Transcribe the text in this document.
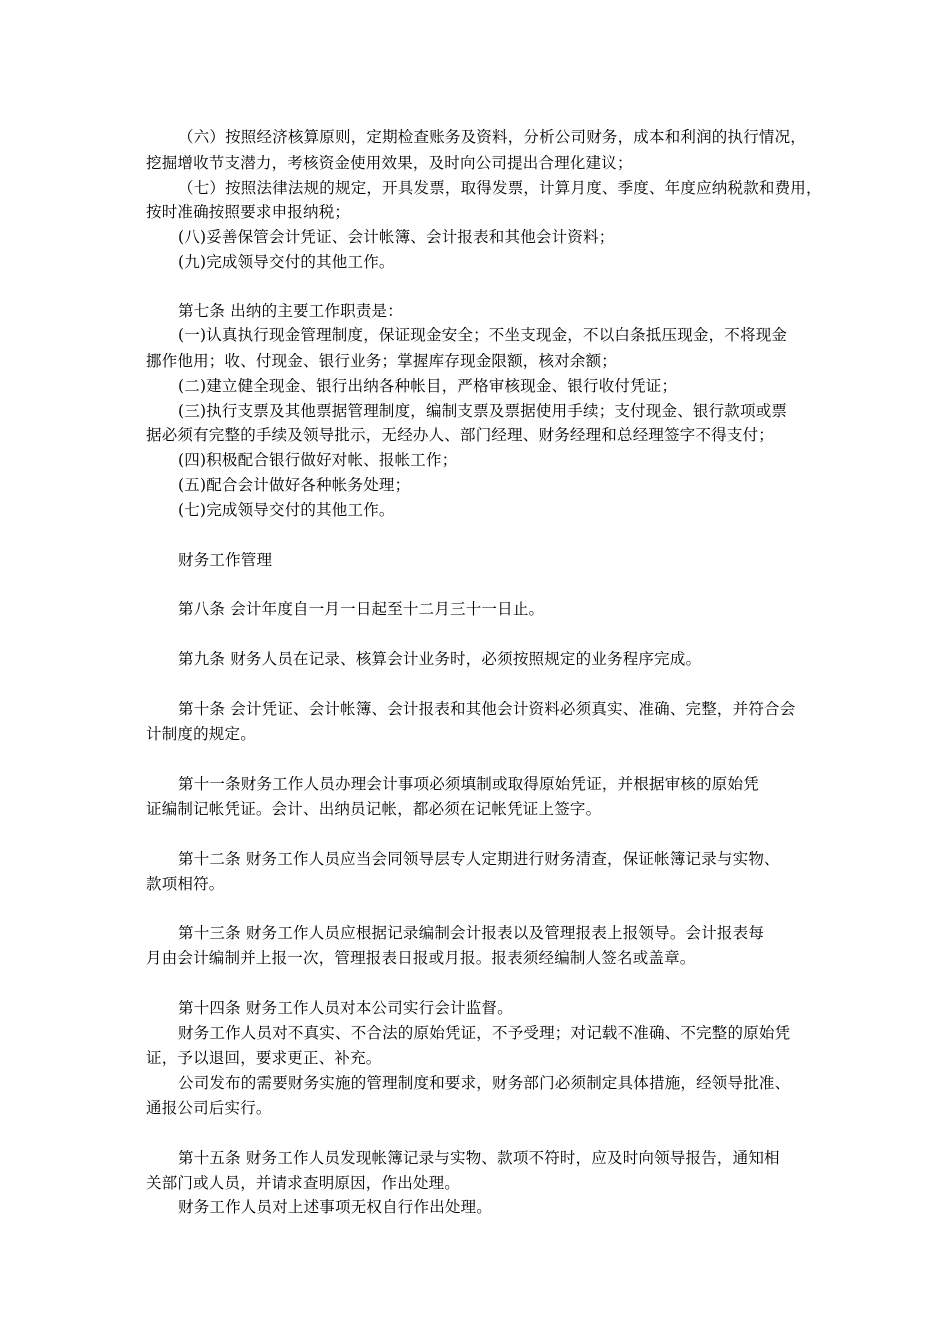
（六）按照经济核算原则，定期检查账务及资料，分析公司财务，成本和利润的执行情况，
挖掘增收节支潜力，考核资金使用效果，及时向公司提出合理化建议；
（七）按照法律法规的规定，开具发票，取得发票，计算月度、季度、年度应纳税款和费用，
按时准确按照要求申报纳税；
(八)妥善保管会计凭证、会计帐簿、会计报表和其他会计资料；
(九)完成领导交付的其他工作。
第七条 出纳的主要工作职责是：
(一)认真执行现金管理制度，保证现金安全；不坐支现金，不以白条抵压现金，不将现金
挪作他用；收、付现金、银行业务；掌握库存现金限额，核对余额；
(二)建立健全现金、银行出纳各种帐目，严格审核现金、银行收付凭证；
(三)执行支票及其他票据管理制度，编制支票及票据使用手续；支付现金、银行款项或票
据必须有完整的手续及领导批示，无经办人、部门经理、财务经理和总经理签字不得支付；
(四)积极配合银行做好对帐、报帐工作；
(五)配合会计做好各种帐务处理；
(七)完成领导交付的其他工作。
财务工作管理
第八条 会计年度自一月一日起至十二月三十一日止。
第九条 财务人员在记录、核算会计业务时，必须按照规定的业务程序完成。
第十条 会计凭证、会计帐簿、会计报表和其他会计资料必须真实、准确、完整，并符合会
计制度的规定。
第十一条财务工作人员办理会计事项必须填制或取得原始凭证，并根据审核的原始凭
证编制记帐凭证。会计、出纳员记帐，都必须在记帐凭证上签字。
第十二条 财务工作人员应当会同领导层专人定期进行财务清查，保证帐簿记录与实物、
款项相符。
第十三条 财务工作人员应根据记录编制会计报表以及管理报表上报领导。会计报表每
月由会计编制并上报一次，管理报表日报或月报。报表须经编制人签名或盖章。
第十四条 财务工作人员对本公司实行会计监督。
财务工作人员对不真实、不合法的原始凭证，不予受理；对记载不准确、不完整的原始凭
证，予以退回，要求更正、补充。
公司发布的需要财务实施的管理制度和要求，财务部门必须制定具体措施，经领导批准、
通报公司后实行。
第十五条 财务工作人员发现帐簿记录与实物、款项不符时，应及时向领导报告，通知相
关部门或人员，并请求查明原因，作出处理。
财务工作人员对上述事项无权自行作出处理。
